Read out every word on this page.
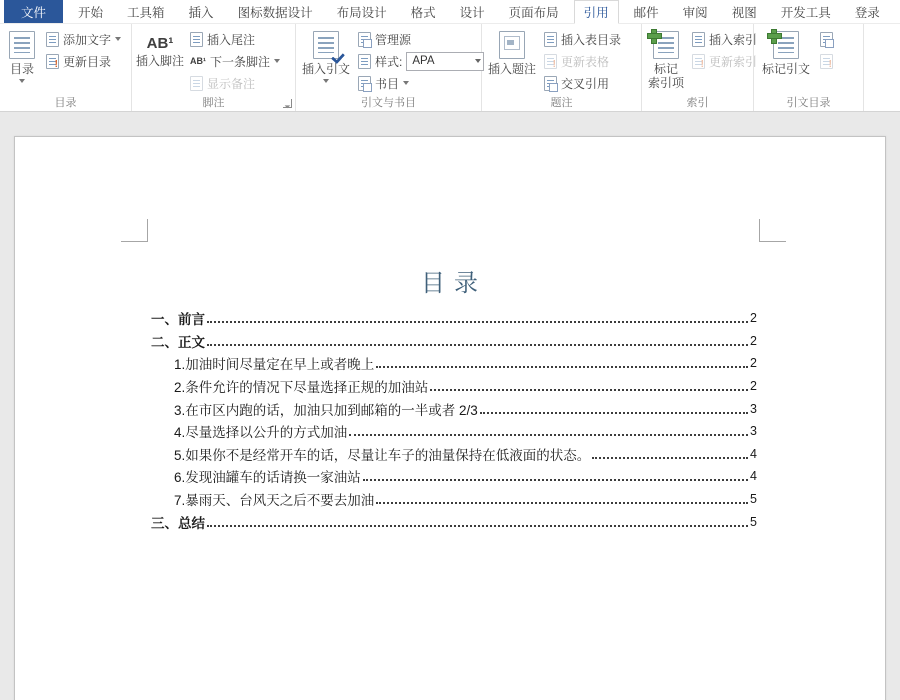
文件	开始 工具箱 插入 图标数据设计 布局设计 格式 设计 页面布局 引用 邮件 审阅 视图 开发工具 登录
目录
添加文字
!
更新目录
目录
AB¹
插入脚注
插入尾注
AB¹ 下一条脚注
显示备注
脚注
插入引文
管理源
样式: APA
书目
引文与书目
插入题注
插入表目录
!
更新表格
交叉引用
题注
标记
索引项
插入索引
!
更新索引
索引
标记引文
!
引文目录
目录
一、前言	2
二、正文	2
1.加油时间尽量定在早上或者晚上	2
2.条件允许的情况下尽量选择正规的加油站	2
3.在市区内跑的话，加油只加到邮箱的一半或者 2/3	3
4.尽量选择以公升的方式加油	3
5.如果你不是经常开车的话，尽量让车子的油量保持在低液面的状态。	4
6.发现油罐车的话请换一家油站	4
7.暴雨天、台风天之后不要去加油	5
三、总结	5
